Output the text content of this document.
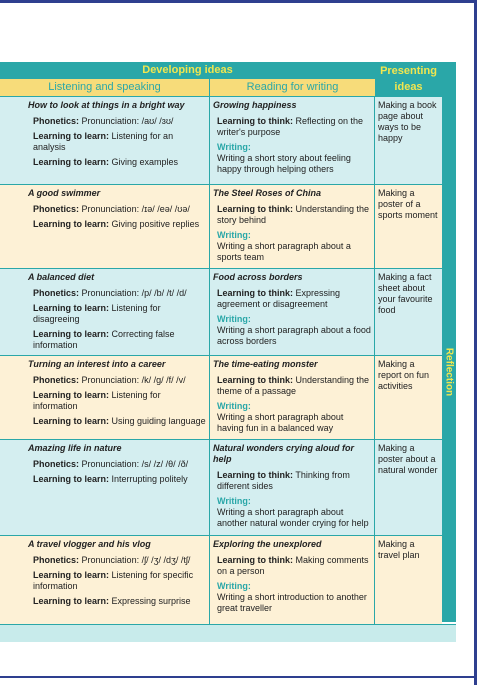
Developing ideas	Presenting
ideas
Listening and speaking	Reading for writing
Reflection
How to look at things in a bright way
Phonetics: Pronunciation: /aʊ/ /ɜʊ/
Learning to learn: Listening for an analysis
Learning to learn: Giving examples
Growing happiness
Learning to think: Reflecting on the writer's purpose
Writing:
Writing a short story about feeling happy through helping others
Making a book page about ways to be happy
A good swimmer
Phonetics: Pronunciation: /ɪə/ /eə/ /ʊə/
Learning to learn: Giving positive replies
The Steel Roses of China
Learning to think: Understanding the story behind
Writing:
Writing a short paragraph about a sports team
Making a poster of a sports moment
A balanced diet
Phonetics: Pronunciation: /p/ /b/ /t/ /d/
Learning to learn: Listening for disagreeing
Learning to learn: Correcting false information
Food across borders
Learning to think: Expressing agreement or disagreement
Writing:
Writing a short paragraph about a food across borders
Making a fact sheet about your favourite food
Turning an interest into a career
Phonetics: Pronunciation: /k/ /g/ /f/ /v/
Learning to learn: Listening for information
Learning to learn: Using guiding language
The time-eating monster
Learning to think: Understanding the theme of a passage
Writing:
Writing a short paragraph about having fun in a balanced way
Making a report on fun activities
Amazing life in nature
Phonetics: Pronunciation: /s/ /z/ /θ/ /ð/
Learning to learn: Interrupting politely
Natural wonders crying aloud for help
Learning to think: Thinking from different sides
Writing:
Writing a short paragraph about another natural wonder crying for help
Making a poster about a natural wonder
A travel vlogger and his vlog
Phonetics: Pronunciation: /ʃ/ /ʒ/ /dʒ/ /tʃ/
Learning to learn: Listening for specific information
Learning to learn: Expressing surprise
Exploring the unexplored
Learning to think: Making comments on a person
Writing:
Writing a short introduction to another great traveller
Making a travel plan
